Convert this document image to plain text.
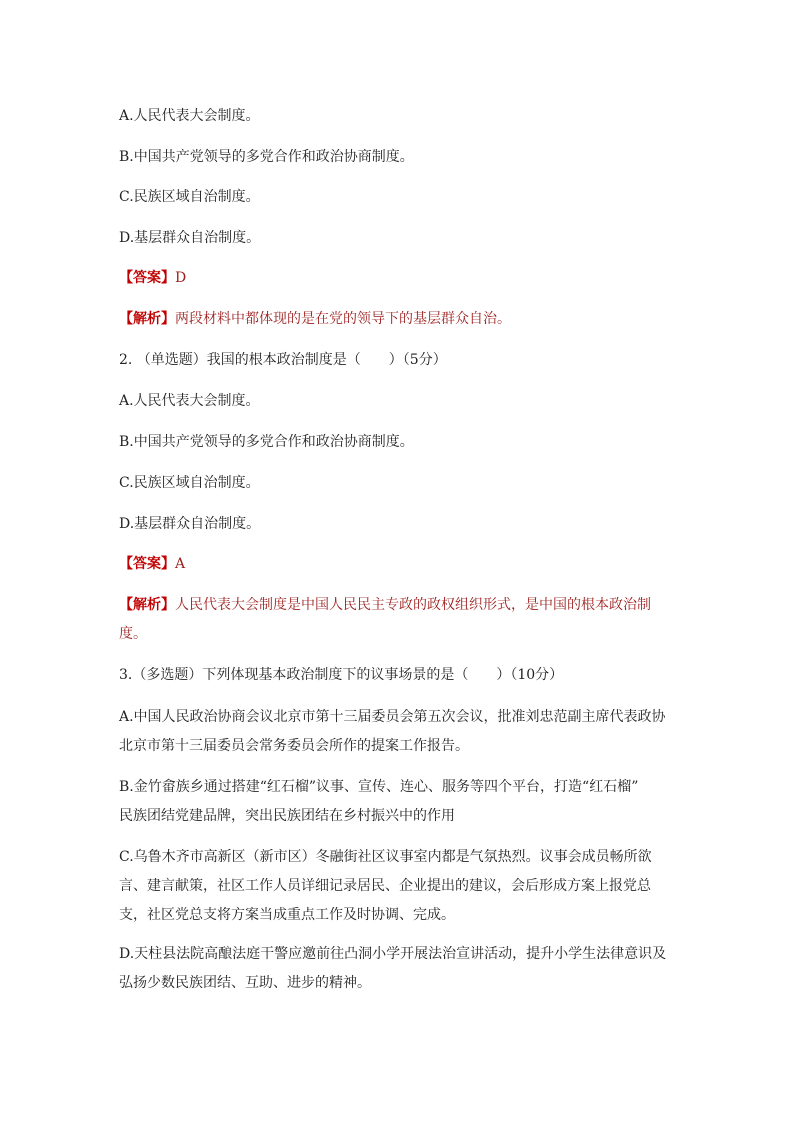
A.人民代表大会制度。
B.中国共产党领导的多党合作和政治协商制度。
C.民族区域自治制度。
D.基层群众自治制度。
【答案】D
【解析】两段材料中都体现的是在党的领导下的基层群众自治。
2. （单选题）我国的根本政治制度是（　　）（5分）
A.人民代表大会制度。
B.中国共产党领导的多党合作和政治协商制度。
C.民族区域自治制度。
D.基层群众自治制度。
【答案】A
【解析】人民代表大会制度是中国人民民主专政的政权组织形式，是中国的根本政治制
度。
3.（多选题）下列体现基本政治制度下的议事场景的是（　　）（10分）
A.中国人民政治协商会议北京市第十三届委员会第五次会议，批准刘忠范副主席代表政协
北京市第十三届委员会常务委员会所作的提案工作报告。
B.金竹畲族乡通过搭建“红石榴”议事、宣传、连心、服务等四个平台，打造“红石榴”
民族团结党建品牌，突出民族团结在乡村振兴中的作用
C.乌鲁木齐市高新区（新市区）冬融街社区议事室内都是气氛热烈。议事会成员畅所欲
言、建言献策，社区工作人员详细记录居民、企业提出的建议，会后形成方案上报党总
支，社区党总支将方案当成重点工作及时协调、完成。
D.天柱县法院高酿法庭干警应邀前往凸洞小学开展法治宣讲活动，提升小学生法律意识及
弘扬少数民族团结、互助、进步的精神。
